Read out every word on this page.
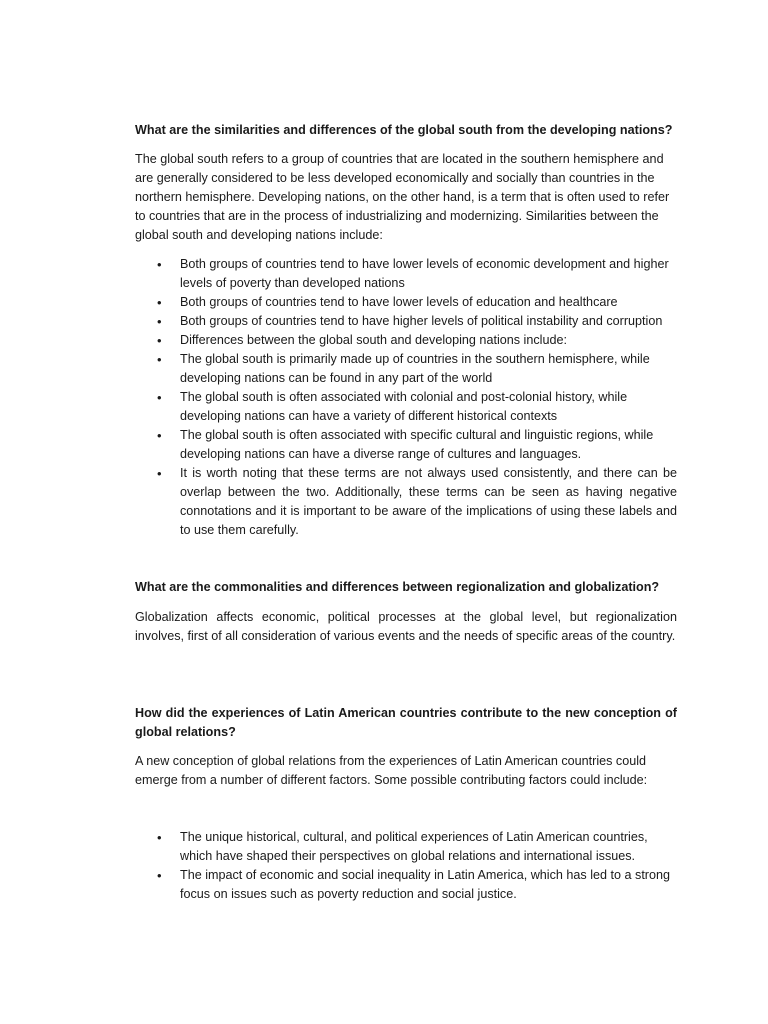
What are the similarities and differences of the global south from the developing nations?

The global south refers to a group of countries that are located in the southern hemisphere and are generally considered to be less developed economically and socially than countries in the northern hemisphere. Developing nations, on the other hand, is a term that is often used to refer to countries that are in the process of industrializing and modernizing. Similarities between the global south and developing nations include:

• Both groups of countries tend to have lower levels of economic development and higher levels of poverty than developed nations
• Both groups of countries tend to have lower levels of education and healthcare
• Both groups of countries tend to have higher levels of political instability and corruption
• Differences between the global south and developing nations include:
• The global south is primarily made up of countries in the southern hemisphere, while developing nations can be found in any part of the world
• The global south is often associated with colonial and post-colonial history, while developing nations can have a variety of different historical contexts
• The global south is often associated with specific cultural and linguistic regions, while developing nations can have a diverse range of cultures and languages.
• It is worth noting that these terms are not always used consistently, and there can be overlap between the two. Additionally, these terms can be seen as having negative connotations and it is important to be aware of the implications of using these labels and to use them carefully.

What are the commonalities and differences between regionalization and globalization?

Globalization affects economic, political processes at the global level, but regionalization involves, first of all consideration of various events and the needs of specific areas of the country.

How did the experiences of Latin American countries contribute to the new conception of global relations?

A new conception of global relations from the experiences of Latin American countries could emerge from a number of different factors. Some possible contributing factors could include:

• The unique historical, cultural, and political experiences of Latin American countries, which have shaped their perspectives on global relations and international issues.
• The impact of economic and social inequality in Latin America, which has led to a strong focus on issues such as poverty reduction and social justice.
